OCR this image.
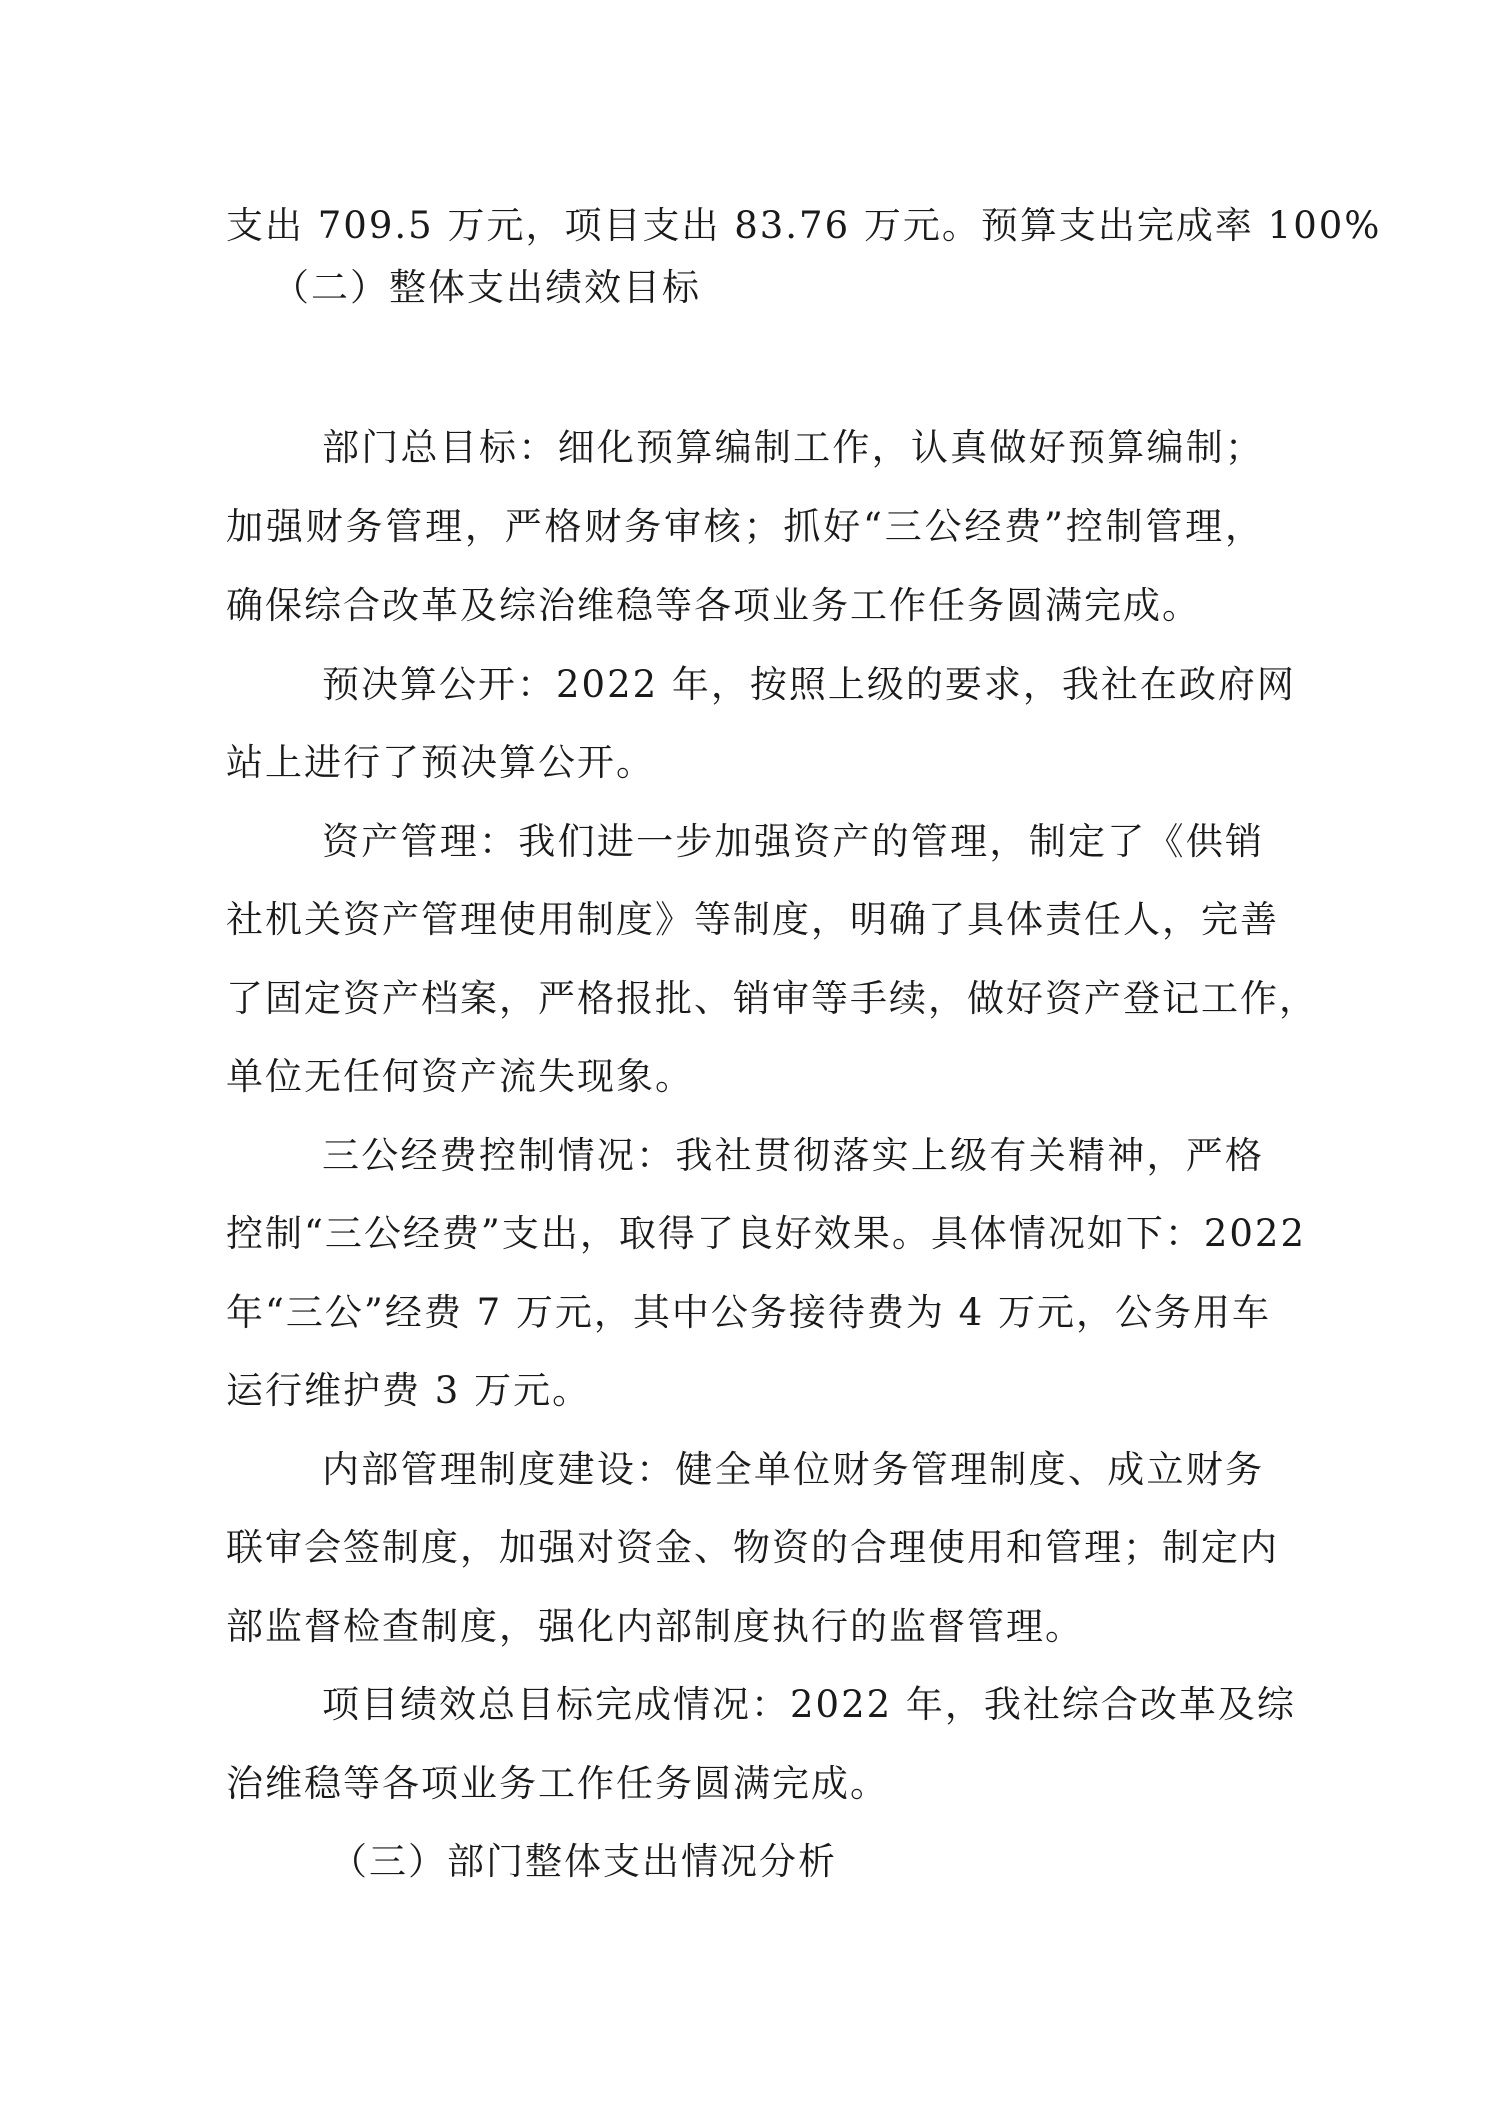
支出 709.5 万元，项目支出 83.76 万元。预算支出完成率 100%
（二）整体支出绩效目标
部门总目标：细化预算编制工作，认真做好预算编制；
加强财务管理，严格财务审核；抓好“三公经费”控制管理，
确保综合改革及综治维稳等各项业务工作任务圆满完成。
预决算公开：2022 年，按照上级的要求，我社在政府网
站上进行了预决算公开。
资产管理：我们进一步加强资产的管理，制定了《供销
社机关资产管理使用制度》等制度，明确了具体责任人，完善
了固定资产档案，严格报批、销审等手续，做好资产登记工作，
单位无任何资产流失现象。
三公经费控制情况：我社贯彻落实上级有关精神，严格
控制“三公经费”支出，取得了良好效果。具体情况如下：2022
年“三公”经费 7 万元，其中公务接待费为 4 万元，公务用车
运行维护费 3 万元。
内部管理制度建设：健全单位财务管理制度、成立财务
联审会签制度，加强对资金、物资的合理使用和管理；制定内
部监督检查制度，强化内部制度执行的监督管理。
项目绩效总目标完成情况：2022 年，我社综合改革及综
治维稳等各项业务工作任务圆满完成。
（三）部门整体支出情况分析
